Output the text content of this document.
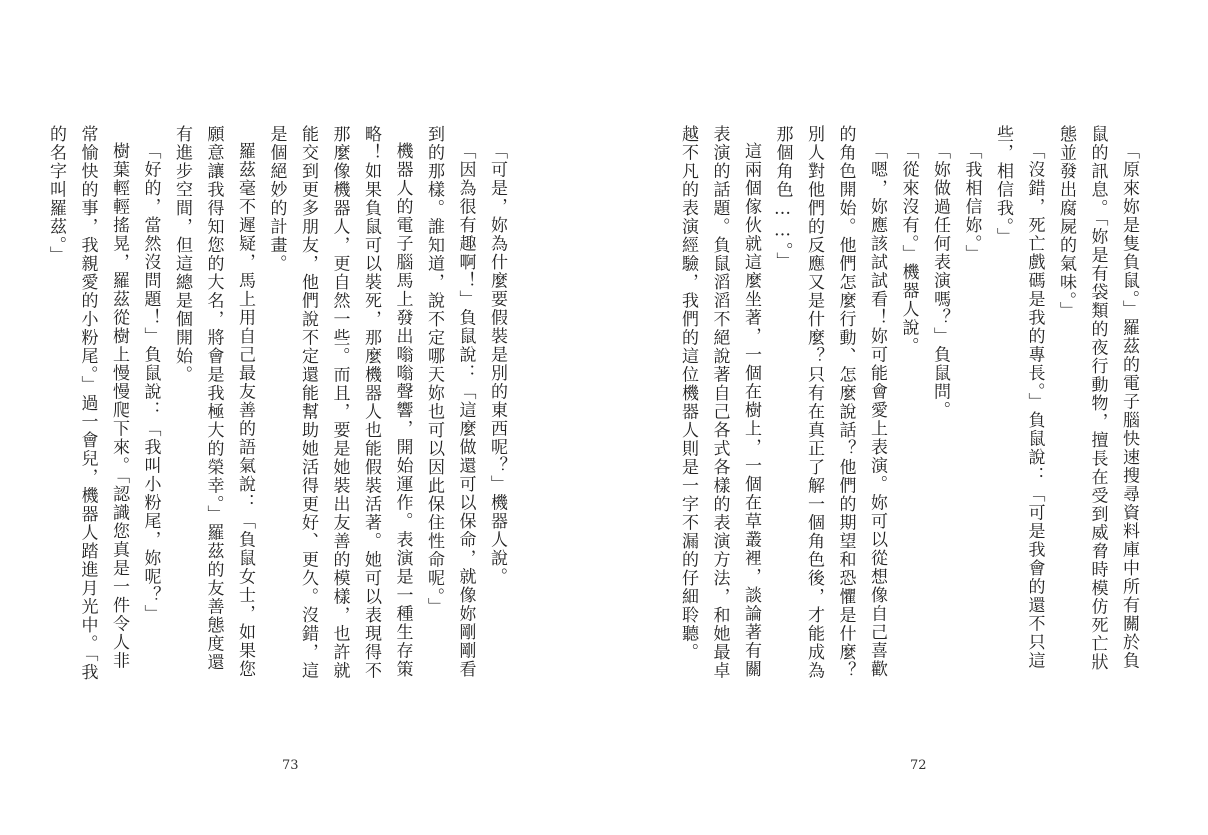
「可是，妳為什麼要假裝是別的東西呢？」機器人說。

「因為很有趣啊！」負鼠說：「這麼做還可以保命，就像妳剛剛看到的那樣。誰知道，說不定哪天妳也可以因此保住性命呢。」

機器人的電子腦馬上發出嗡嗡聲響，開始運作。表演是一種生存策略！如果負鼠可以裝死，那麼機器人也能假裝活著。她可以表現得不那麼像機器人，更自然一些。而且，要是她裝出友善的模樣，也許就能交到更多朋友，他們說不定還能幫助她活得更好、更久。沒錯，這是個絕妙的計畫。

羅茲毫不遲疑，馬上用自己最友善的語氣說：「負鼠女士，如果您願意讓我得知您的大名，將會是我極大的榮幸。」羅茲的友善態度還有進步空間，但這總是個開始。

「好的，當然沒問題！」負鼠說：「我叫小粉尾，妳呢？」

樹葉輕輕搖晃，羅茲從樹上慢慢爬下來。「認識您真是一件令人非常愉快的事，我親愛的小粉尾。」過一會兒，機器人踏進月光中。「我的名字叫羅茲。」

73

「原來妳是隻負鼠。」羅茲的電子腦快速搜尋資料庫中所有關於負鼠的訊息。「妳是有袋類的夜行動物，擅長在受到威脅時模仿死亡狀態並發出腐屍的氣味。」

「沒錯，死亡戲碼是我的專長。」負鼠說：「可是我會的還不只這些，相信我。」

「我相信妳。」

「妳做過任何表演嗎？」負鼠問。

「從來沒有。」機器人說。

「嗯，妳應該試試看！妳可能會愛上表演。妳可以從想像自己喜歡的角色開始。他們怎麼行動、怎麼說話？他們的期望和恐懼是什麼？別人對他們的反應又是什麼？只有在真正了解一個角色後，才能成為那個角色……。」

這兩個傢伙就這麼坐著，一個在樹上，一個在草叢裡，談論著有關表演的話題。負鼠滔滔不絕說著自己各式各樣的表演方法，和她最卓越不凡的表演經驗，我們的這位機器人則是一字不漏的仔細聆聽。

72
